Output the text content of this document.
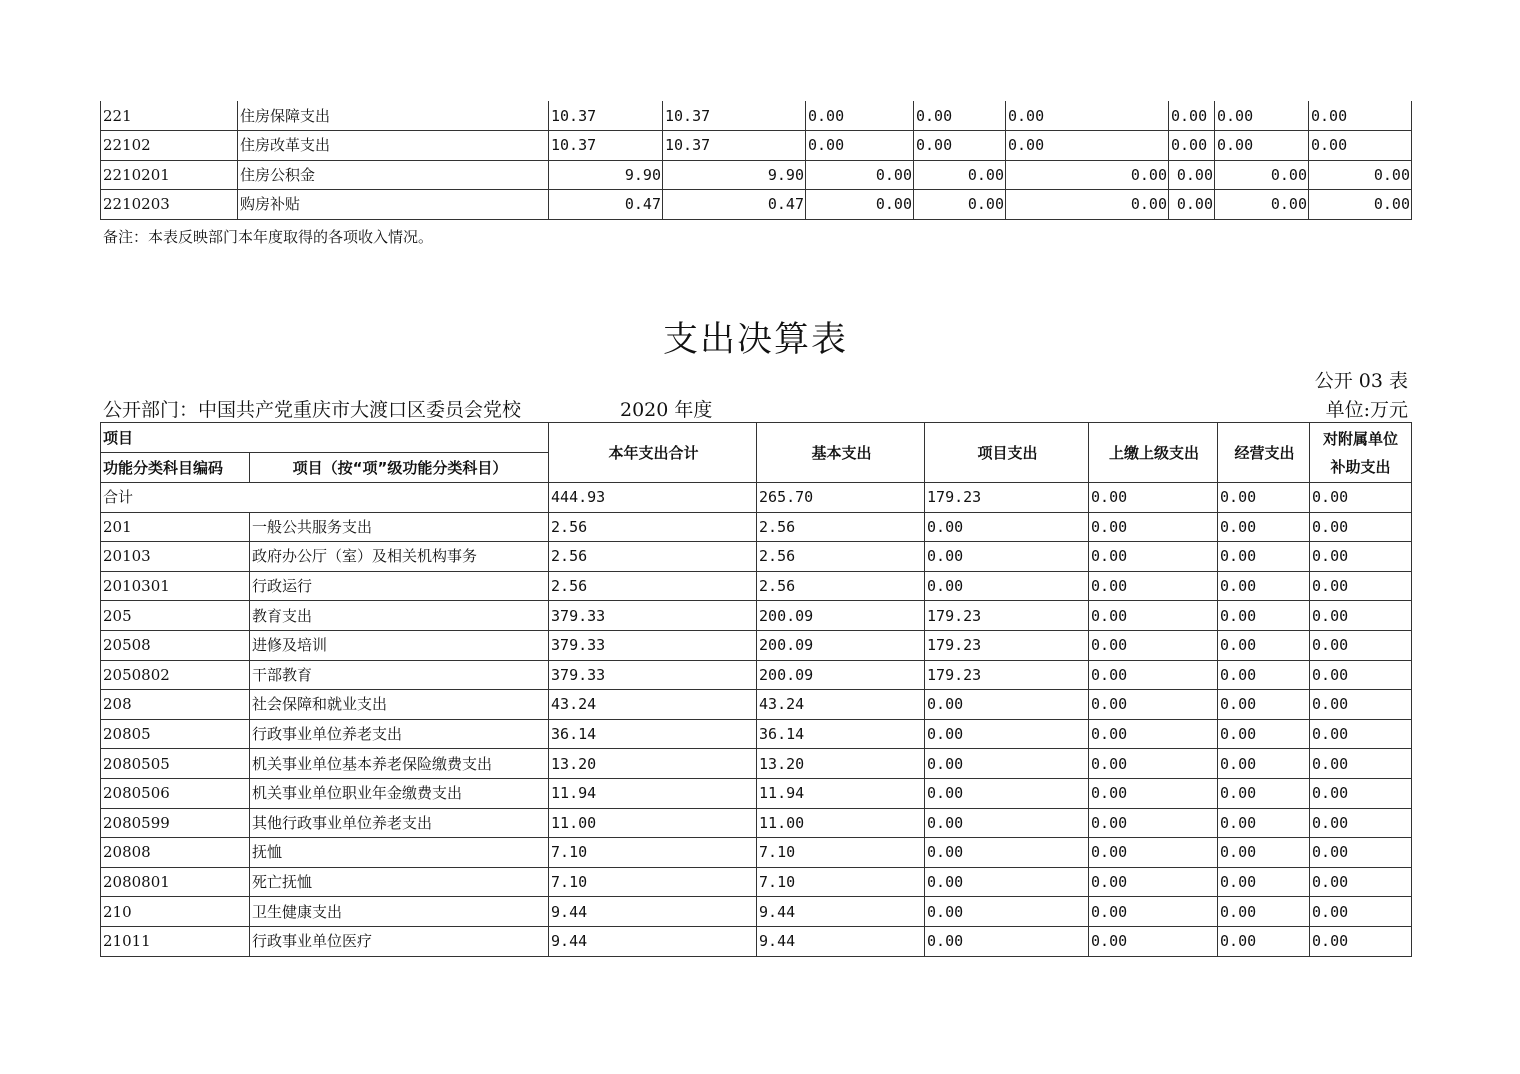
221	住房保障支出	10.37	10.37	0.00	0.00	0.00	0.00	0.00	0.00
22102	住房改革支出	10.37	10.37	0.00	0.00	0.00	0.00	0.00	0.00
2210201	住房公积金	9.90	9.90	0.00	0.00	0.00	0.00	0.00	0.00
2210203	购房补贴	0.47	0.47	0.00	0.00	0.00	0.00	0.00	0.00
备注：本表反映部门本年度取得的各项收入情况。
支出决算表
公开 03 表
公开部门：中国共产党重庆市大渡口区委员会党校	2020 年度	单位:万元
项目		本年支出合计	基本支出	项目支出	上缴上级支出	经营支出	对附属单位
补助支出

功能分类科目编码	项目（按“项”级功能分类科目）						
合计		444.93	265.70	179.23	0.00	0.00	0.00
201	一般公共服务支出	2.56	2.56	0.00	0.00	0.00	0.00
20103	政府办公厅（室）及相关机构事务	2.56	2.56	0.00	0.00	0.00	0.00
2010301	行政运行	2.56	2.56	0.00	0.00	0.00	0.00
205	教育支出	379.33	200.09	179.23	0.00	0.00	0.00
20508	进修及培训	379.33	200.09	179.23	0.00	0.00	0.00
2050802	干部教育	379.33	200.09	179.23	0.00	0.00	0.00
208	社会保障和就业支出	43.24	43.24	0.00	0.00	0.00	0.00
20805	行政事业单位养老支出	36.14	36.14	0.00	0.00	0.00	0.00
2080505	机关事业单位基本养老保险缴费支出	13.20	13.20	0.00	0.00	0.00	0.00
2080506	机关事业单位职业年金缴费支出	11.94	11.94	0.00	0.00	0.00	0.00
2080599	其他行政事业单位养老支出	11.00	11.00	0.00	0.00	0.00	0.00
20808	抚恤	7.10	7.10	0.00	0.00	0.00	0.00
2080801	死亡抚恤	7.10	7.10	0.00	0.00	0.00	0.00
210	卫生健康支出	9.44	9.44	0.00	0.00	0.00	0.00
21011	行政事业单位医疗	9.44	9.44	0.00	0.00	0.00	0.00
